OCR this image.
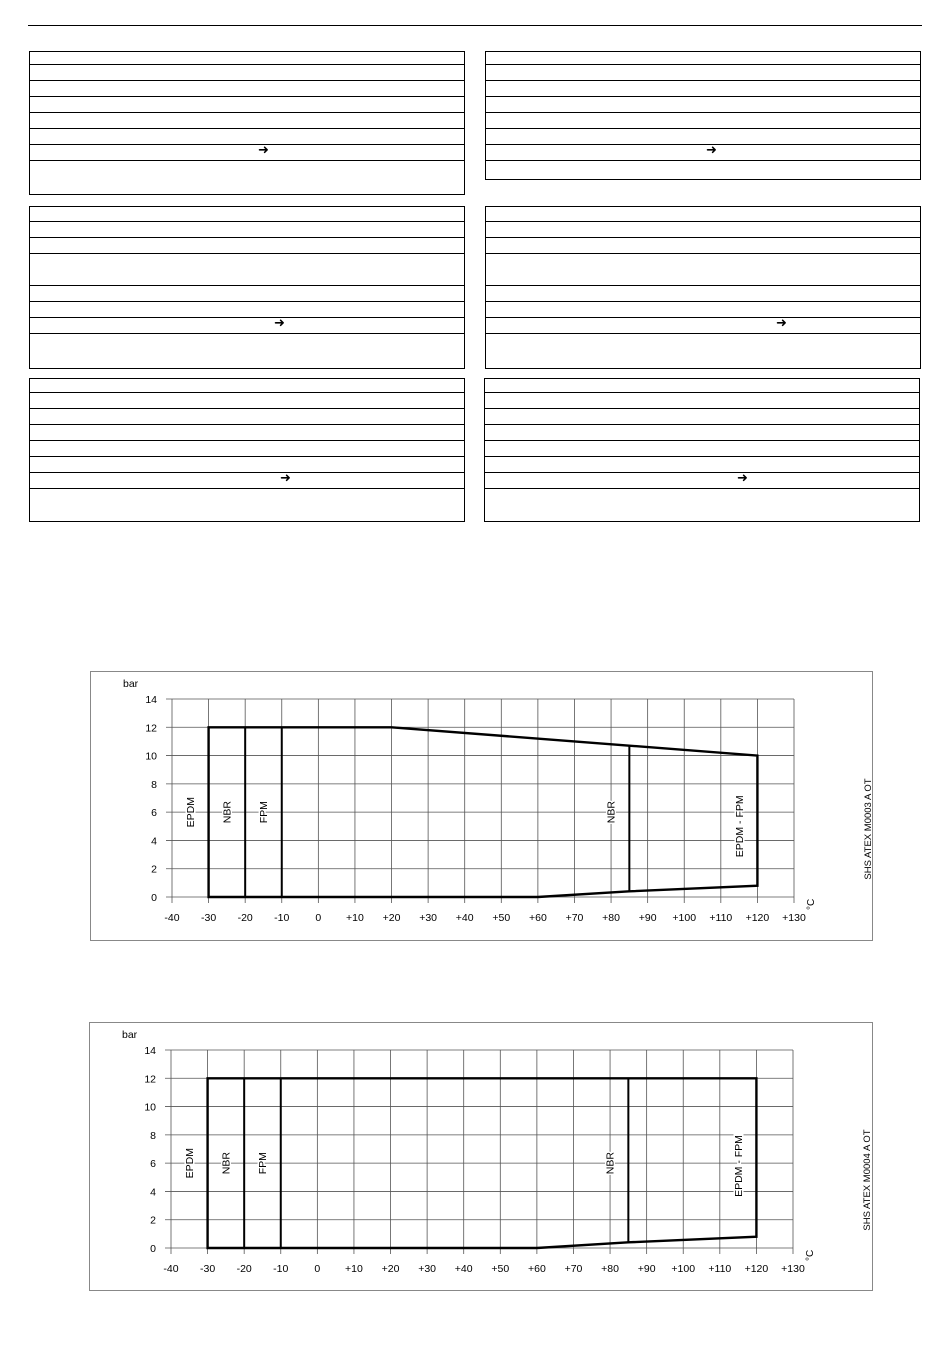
➜	➜
➜	➜
➜	➜
-40 -30 -20 -10 0 +10 +20 +30 +40 +50 +60 +70 +80 +90 +100 +110 +120 +130
0
2
4
6
8
10
12
14
bar
°C
EPDM NBR FPM	NBR	EPDM - FPM	SHS ATEX M0003 A OT
-40 -30 -20 -10 0 +10 +20 +30 +40 +50 +60 +70 +80 +90 +100 +110 +120 +130
0
2
4
6
8
10
12
14
bar
°C
EPDM NBR FPM	NBR	EPDM - FPM	SHS ATEX M0004 A OT
